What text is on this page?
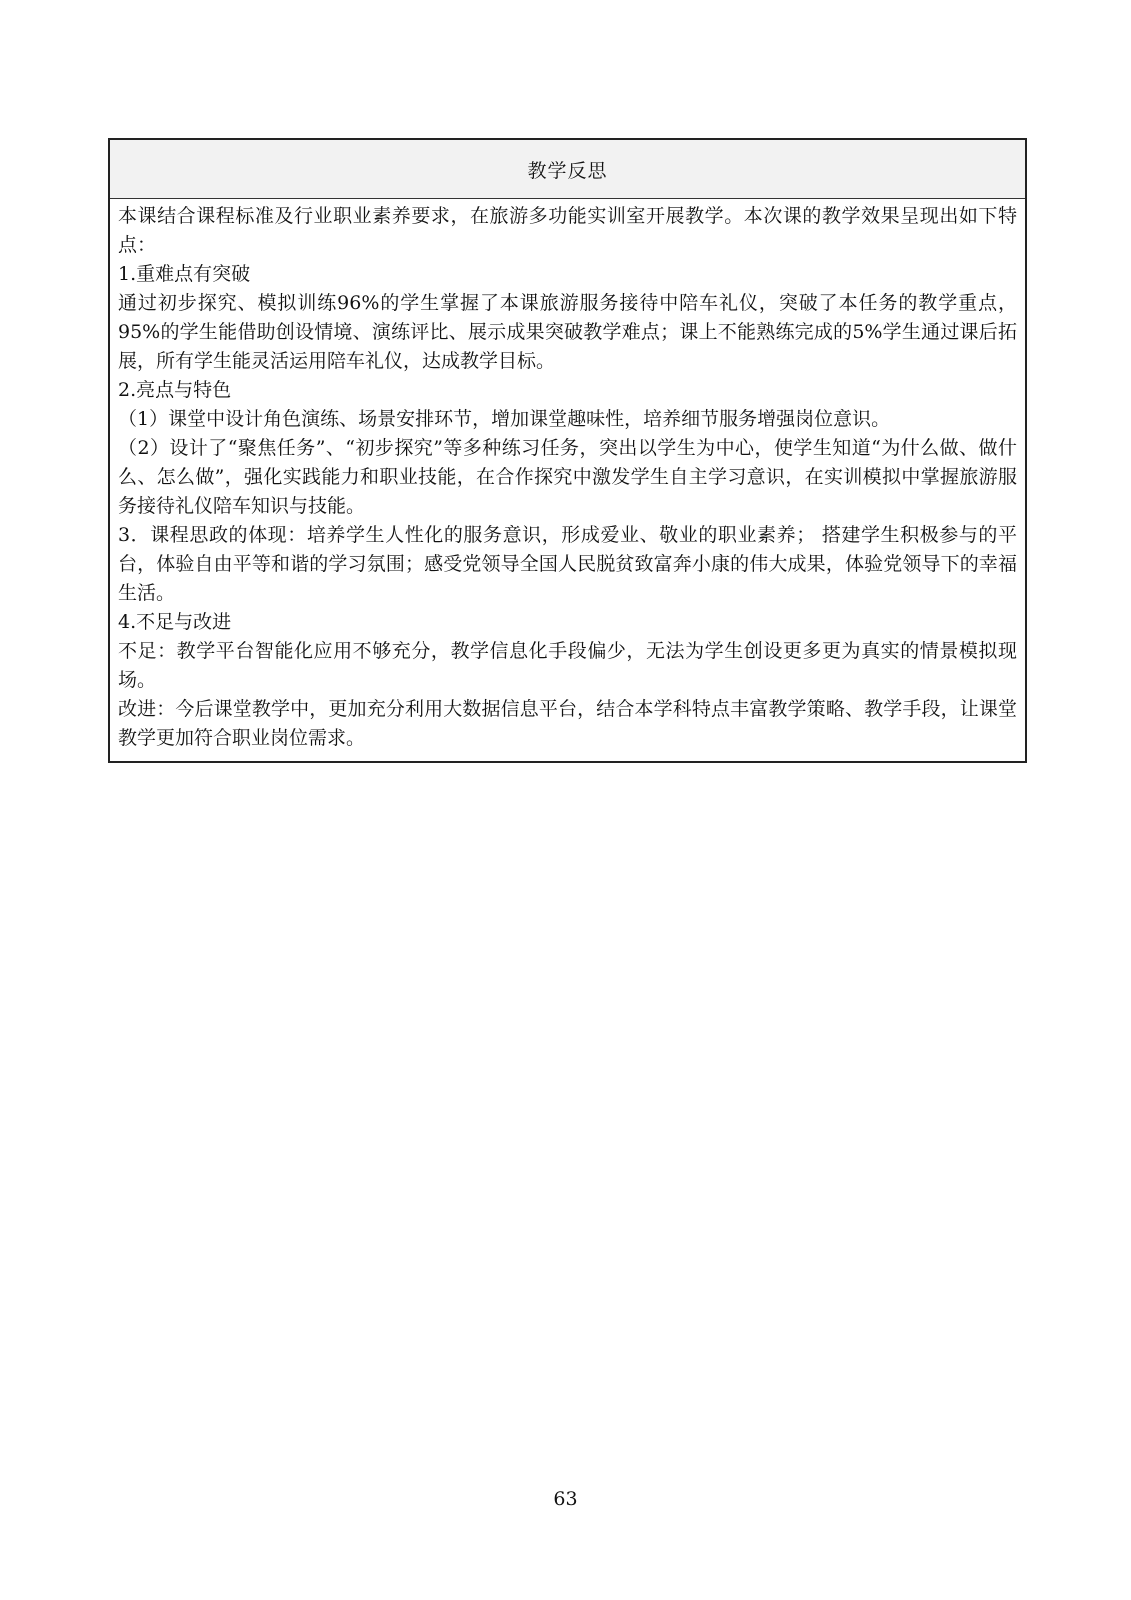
教学反思

本课结合课程标准及行业职业素养要求，在旅游多功能实训室开展教学。本次课的教学效果呈现出如下特点：

1.重难点有突破

通过初步探究、模拟训练96%的学生掌握了本课旅游服务接待中陪车礼仪，突破了本任务的教学重点，95%的学生能借助创设情境、演练评比、展示成果突破教学难点；课上不能熟练完成的5%学生通过课后拓展，所有学生能灵活运用陪车礼仪，达成教学目标。

2.亮点与特色

（1）课堂中设计角色演练、场景安排环节，增加课堂趣味性，培养细节服务增强岗位意识。

（2）设计了“聚焦任务”、“初步探究”等多种练习任务，突出以学生为中心，使学生知道“为什么做、做什么、怎么做”，强化实践能力和职业技能，在合作探究中激发学生自主学习意识，在实训模拟中掌握旅游服务接待礼仪陪车知识与技能。

3．课程思政的体现：培养学生人性化的服务意识，形成爱业、敬业的职业素养； 搭建学生积极参与的平台，体验自由平等和谐的学习氛围；感受党领导全国人民脱贫致富奔小康的伟大成果，体验党领导下的幸福生活。

4.不足与改进

不足：教学平台智能化应用不够充分，教学信息化手段偏少，无法为学生创设更多更为真实的情景模拟现场。

改进：今后课堂教学中，更加充分利用大数据信息平台，结合本学科特点丰富教学策略、教学手段，让课堂教学更加符合职业岗位需求。

63
